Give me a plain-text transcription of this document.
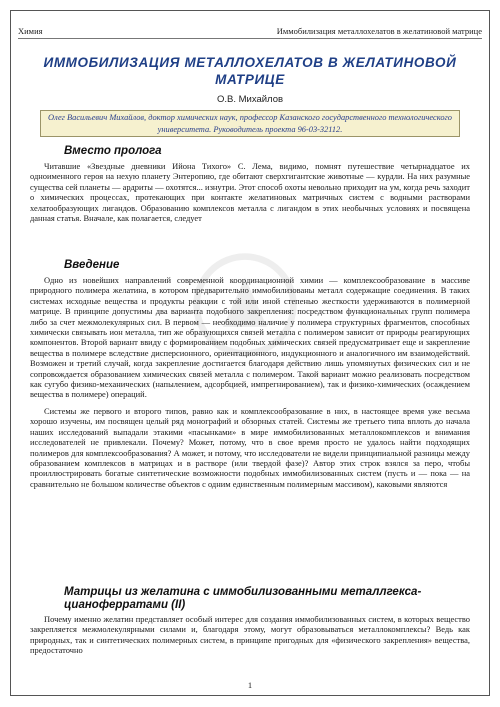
Химия	Иммобилизация металлохелатов в желатиновой матрице
ИММОБИЛИЗАЦИЯ МЕТАЛЛОХЕЛАТОВ В ЖЕЛАТИНОВОЙ МАТРИЦЕ
О.В. Михайлов
Олег Васильевич Михайлов, доктор химических наук, профессор Казанского государственного технологического университета. Руководитель проекта 96-03-32112.
Вместо пролога

Читавшие «Звездные дневники Ийона Тихого» С. Лема, видимо, помнят путешествие четырнадцатое их одноименного героя на нехую планету Энтеропию, где обитают сверхгигантские животные — курдли. На них разумные существа сей планеты — ардриты — охотятся... изнутри. Этот способ охоты невольно приходит на ум, когда речь заходит о химических процессах, протекающих при контакте желатиновых матричных систем с водными растворами хелатообразующих лигандов. Образованию комплексов металла с лигандом в этих необычных условиях и посвящена данная статья. Вначале, как полагается, следует

Введение

Одно из новейших направлений современной координационной химии — комплексообразование в массиве природного полимера желатина, в котором предварительно иммобилизованы металл содержащие соединения. В таких системах исходные вещества и продукты реакции с той или иной степенью жесткости удерживаются в полимерной матрице. В принципе допустимы два варианта подобного закрепления: посредством функциональных групп полимера либо за счет межмолекулярных сил. В первом — необходимо наличие у полимера структурных фрагментов, способных химически связывать ион металла, тип же образующихся связей металла с полимером зависит от природы реагирующих компонентов. Второй вариант ввиду с формированием подобных химических связей предусматривает еще и закрепление вещества в полимере вследствие дисперсионного, ориентационного, индукционного и аналогичного им взаимодействий. Возможен и третий случай, когда закрепление достигается благодаря действию лишь упомянутых физических сил и не сопровождается образованием химических связей металла с полимером. Такой вариант можно реализовать посредством как сугубо физико-механических (напылением, адсорбцией, импрегнированием), так и физико-химических (осаждением вещества в полимере) операций.

Системы же первого и второго типов, равно как и комплексообразование в них, в настоящее время уже весьма хорошо изучены, им посвящен целый ряд монографий и обзорных статей. Системы же третьего типа вплоть до начала наших исследований выпадали этакими «пасынками» в мире иммобилизованных металлокомплексов и внимания исследователей не привлекали. Почему? Может, потому, что в свое время просто не удалось найти подходящих полимеров для комплексообразования? А может, и потому, что исследователи не видели принципиальной разницы между образованием комплексов в матрицах и в растворе (или твердой фазе)? Автор этих строк взялся за перо, чтобы проиллюстрировать богатые синтетические возможности подобных иммобилизованных систем (пусть и — пока — на сравнительно не большом количестве объектов с одним единственным полимерным массивом), каковыми являются

Матрицы из желатина с иммобилизованными металлгекса-цианоферратами (II)

Почему именно желатин представляет особый интерес для создания иммобилизованных систем, в которых вещество закрепляется межмолекулярными силами и, благодаря этому, могут образовываться металлокомплексы? Ведь как природных, так и синтетических полимерных систем, в принципе пригодных для «физического закрепления» вещества, предостаточно

1
